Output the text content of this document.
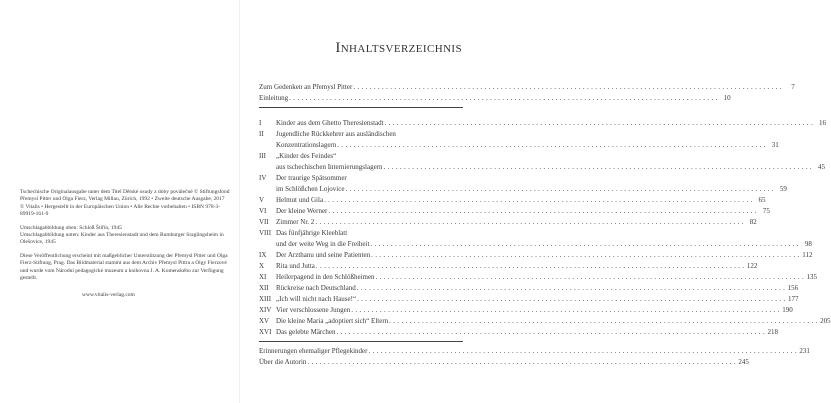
Tschechische Originalausgabe unter dem Titel Dětské osudy z doby poválečné © Stiftungsfond Přemysl Pitter und Olga Fierz, Verlag Millau, Zürich, 1992 • Zweite deutsche Ausgabe, 2017 © Vitalis • Hergestellt in der Europäischen Union • Alle Rechte vorbehalten • ISBN 978-3-89919-161-9

Umschlagabbildung oben: Schloß Štiřín, 1945

Umschlagabbildung unten: Kinder aus Theresienstadt und dem Rumburger Sraglingsheim in Olešovice, 1945

Diese Veröffentlichung erscheint mit maßgeblicher Unterstützung der Přemysl Pitter und Olga Fierz-Stiftung, Prag. Das Bildmaterial stammt aus dem Archiv Přemysl Pittra a Olgy Fierzové und wurde vom Národní pedagogické muzeum a knihovna J. A. Komenského zur Verfügung gestellt.

www.vitalis-verlag.com

Inhaltsverzeichnis
Zum Gedenken an Přemysl Pitter . . .	7
Einleitung . . .	10
I	Kinder aus dem Ghetto Theresienstadt . . .	16
II	Jugendliche Rückkehrer aus ausländischen
Konzentrationslagern . . .	31
III	„Kinder des Feindes“
aus tschechischen Internierungslagern . . .	45
IV	Der traurige Spätsommer
im Schlößchen Lojovice . . .	59
V	Helmut und Gila . . .	65
VI	Der kleine Werner . . .	75
VII	Zimmer Nr. 2 . . .	82
VIII Das fünfjährige Kleeblatt
und der weite Weg in die Freiheit . . .	98
IX	Der Arzthanu und seine Patienten . . .	112
X	Rita und Jutta . . .	122
XI	Heilerpagend in den Schlößheimen . . .	135
XII	Rückreise nach Deutschland . . .	156
XIII „Ich will nicht nach Hause!“ . . .	177
XIV Vier verschlossene Jungen . . .	190
XV Die kleine Maria „adoptiert sich“ Eltern . . .	205
XVI Das gelebte Märchen . . .	218
Erinnerungen ehemaliger Pflegekinder . . .	231
Über die Autorin . . .	245
